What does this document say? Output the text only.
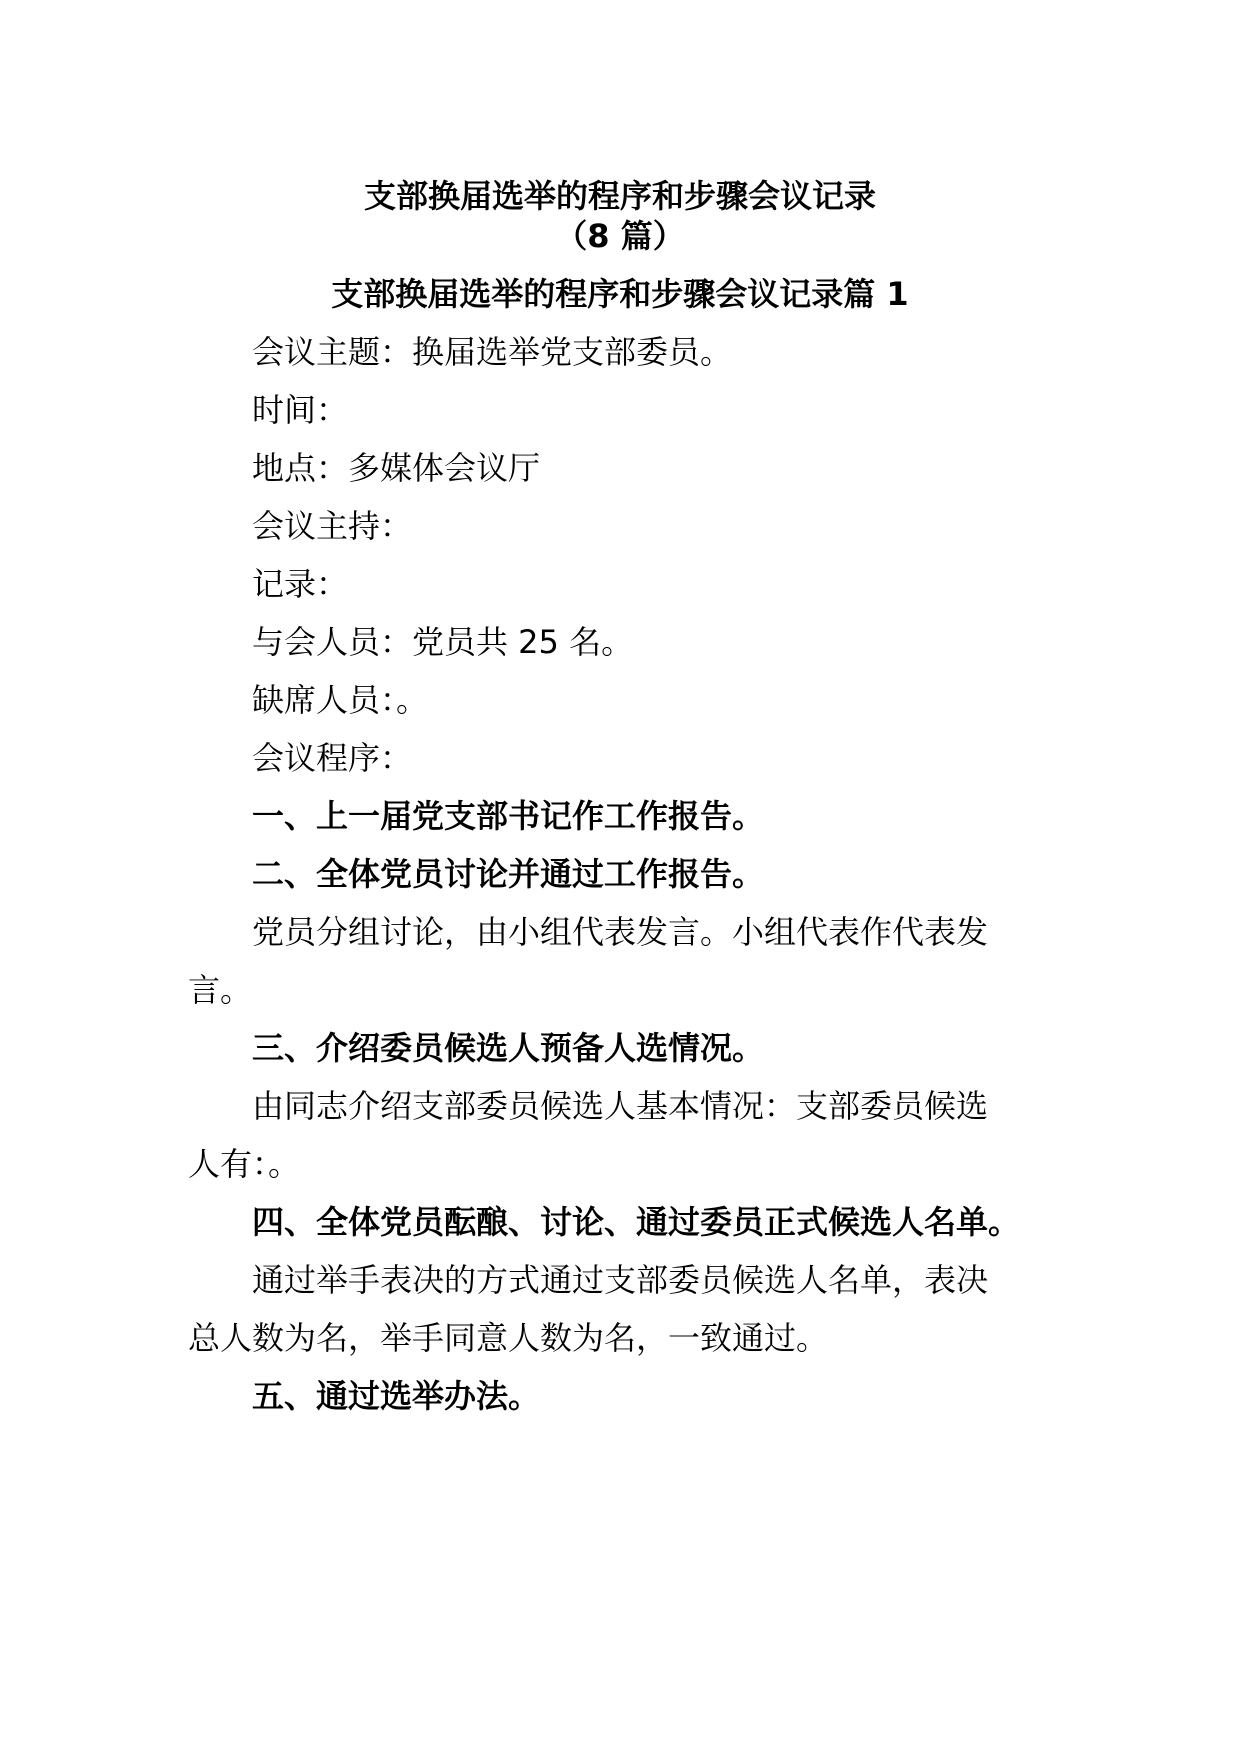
支部换届选举的程序和步骤会议记录
（8 篇）
支部换届选举的程序和步骤会议记录篇 1
会议主题：换届选举党支部委员。
时间：
地点：多媒体会议厅
会议主持：
记录：
与会人员：党员共 25 名。
缺席人员：。
会议程序：
一、上一届党支部书记作工作报告。
二、全体党员讨论并通过工作报告。
党员分组讨论，由小组代表发言。小组代表作代表发
言。
三、介绍委员候选人预备人选情况。
由同志介绍支部委员候选人基本情况：支部委员候选
人有：。
四、全体党员酝酿、讨论、通过委员正式候选人名单。
通过举手表决的方式通过支部委员候选人名单，表决
总人数为名，举手同意人数为名，一致通过。
五、通过选举办法。
